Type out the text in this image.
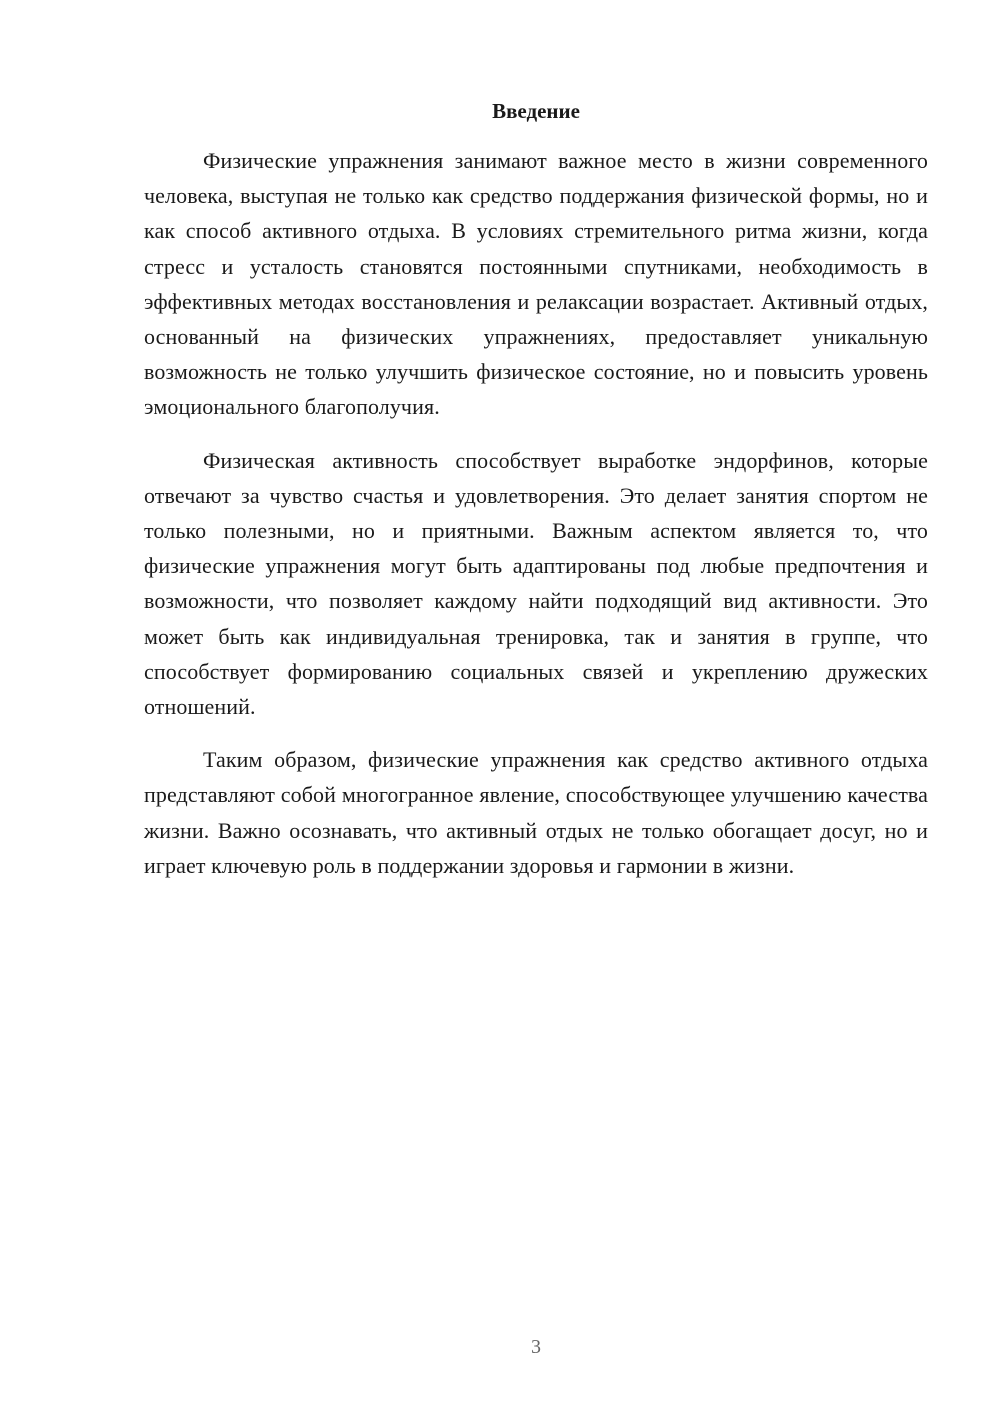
Введение

Физические упражнения занимают важное место в жизни современного человека, выступая не только как средство поддержания физической формы, но и как способ активного отдыха. В условиях стремительного ритма жизни, когда стресс и усталость становятся постоянными спутниками, необходимость в эффективных методах восстановления и релаксации возрастает. Активный отдых, основанный на физических упражнениях, предоставляет уникальную возможность не только улучшить физическое состояние, но и повысить уровень эмоционального благополучия.

Физическая активность способствует выработке эндорфинов, которые отвечают за чувство счастья и удовлетворения. Это делает занятия спортом не только полезными, но и приятными. Важным аспектом является то, что физические упражнения могут быть адаптированы под любые предпочтения и возможности, что позволяет каждому найти подходящий вид активности. Это может быть как индивидуальная тренировка, так и занятия в группе, что способствует формированию социальных связей и укреплению дружеских отношений.

Таким образом, физические упражнения как средство активного отдыха представляют собой многогранное явление, способствующее улучшению качества жизни. Важно осознавать, что активный отдых не только обогащает досуг, но и играет ключевую роль в поддержании здоровья и гармонии в жизни.

3
